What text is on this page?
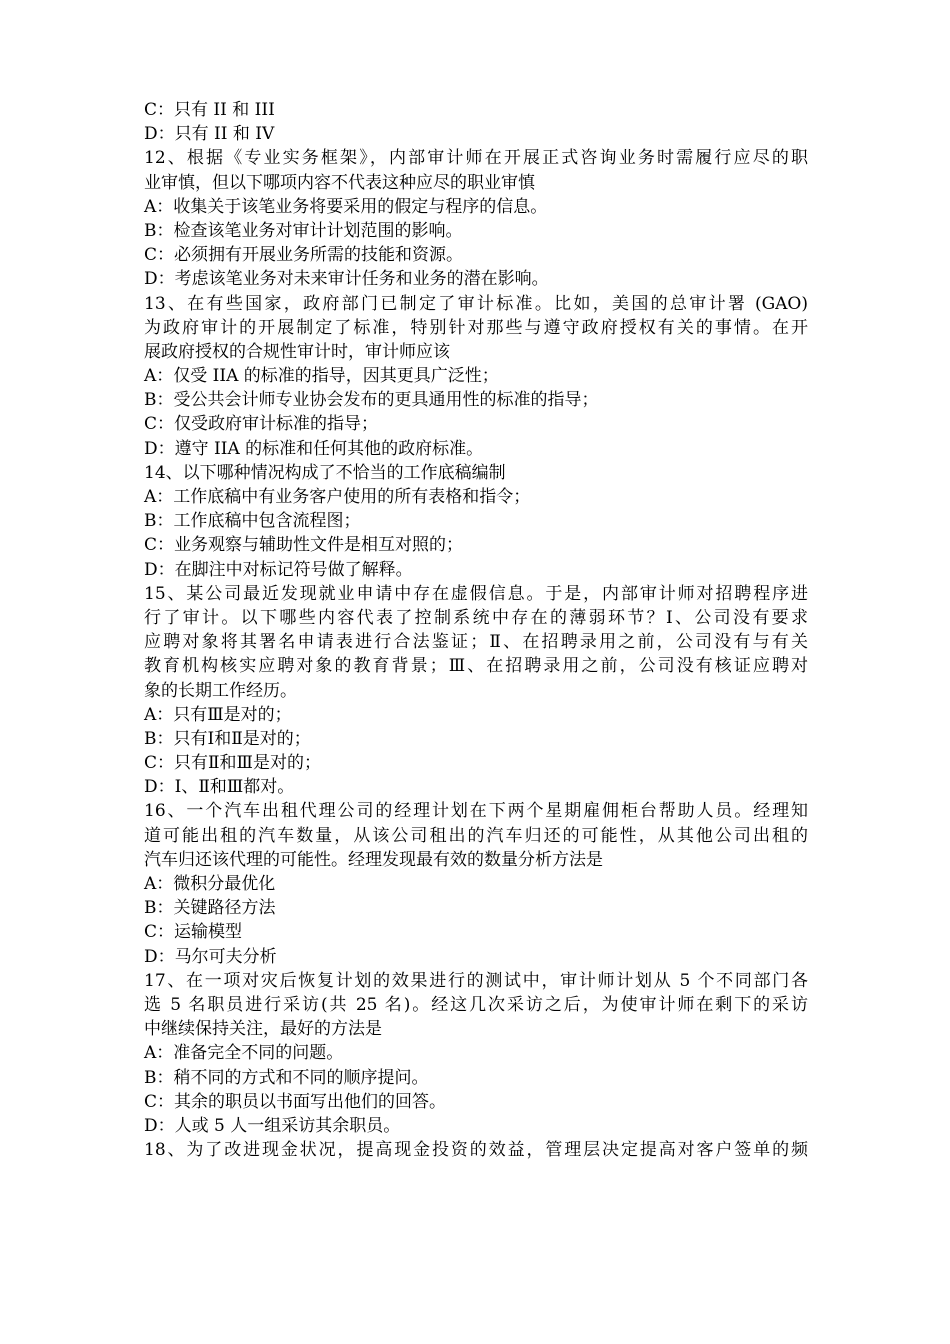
C：只有 II 和 III
D：只有 II 和 IV
12、根据《专业实务框架》，内部审计师在开展正式咨询业务时需履行应尽的职
业审慎，但以下哪项内容不代表这种应尽的职业审慎
A：收集关于该笔业务将要采用的假定与程序的信息。
B：检查该笔业务对审计计划范围的影响。
C：必须拥有开展业务所需的技能和资源。
D：考虑该笔业务对未来审计任务和业务的潜在影响。
13、在有些国家，政府部门已制定了审计标准。比如，美国的总审计署 (GAO)
为政府审计的开展制定了标准，特别针对那些与遵守政府授权有关的事情。在开
展政府授权的合规性审计时，审计师应该
A：仅受 IIA 的标准的指导，因其更具广泛性；
B：受公共会计师专业协会发布的更具通用性的标准的指导；
C：仅受政府审计标准的指导；
D：遵守 IIA 的标准和任何其他的政府标准。
14、以下哪种情况构成了不恰当的工作底稿编制
A：工作底稿中有业务客户使用的所有表格和指令；
B：工作底稿中包含流程图；
C：业务观察与辅助性文件是相互对照的；
D：在脚注中对标记符号做了解释。
15、某公司最近发现就业申请中存在虚假信息。于是，内部审计师对招聘程序进
行了审计。以下哪些内容代表了控制系统中存在的薄弱环节？Ⅰ、公司没有要求
应聘对象将其署名申请表进行合法鉴证；Ⅱ、在招聘录用之前，公司没有与有关
教育机构核实应聘对象的教育背景；Ⅲ、在招聘录用之前，公司没有核证应聘对
象的长期工作经历。
A：只有Ⅲ是对的；
B：只有Ⅰ和Ⅱ是对的；
C：只有Ⅱ和Ⅲ是对的；
D：Ⅰ、Ⅱ和Ⅲ都对。
16、一个汽车出租代理公司的经理计划在下两个星期雇佣柜台帮助人员。经理知
道可能出租的汽车数量，从该公司租出的汽车归还的可能性，从其他公司出租的
汽车归还该代理的可能性。经理发现最有效的数量分析方法是
A：微积分最优化
B：关键路径方法
C：运输模型
D：马尔可夫分析
17、在一项对灾后恢复计划的效果进行的测试中，审计师计划从 5 个不同部门各
选 5 名职员进行采访(共 25 名)。经这几次采访之后，为使审计师在剩下的采访
中继续保持关注，最好的方法是
A：准备完全不同的问题。
B：稍不同的方式和不同的顺序提问。
C：其余的职员以书面写出他们的回答。
D：人或 5 人一组采访其余职员。
18、为了改进现金状况，提高现金投资的效益，管理层决定提高对客户签单的频
